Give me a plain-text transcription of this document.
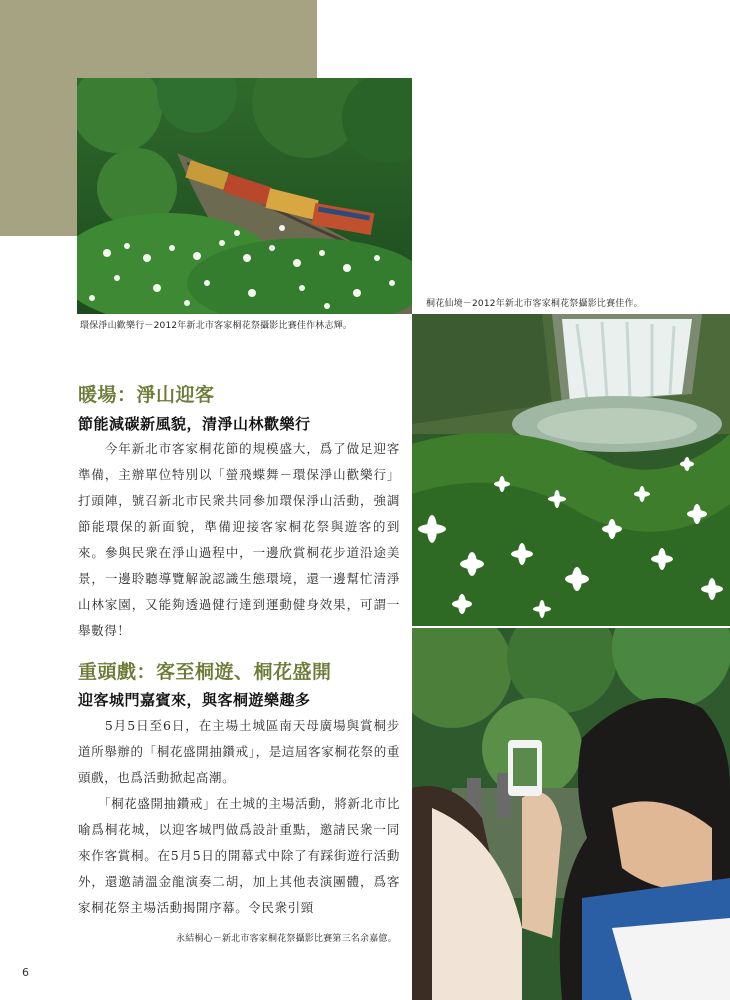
桐花仙境－2012年新北市客家桐花祭攝影比賽佳作。
環保淨山歡樂行－2012年新北市客家桐花祭攝影比賽佳作林志輝。
永結桐心－新北市客家桐花祭攝影比賽第三名余嘉億。
暖場：淨山迎客
節能減碳新風貌，清淨山林歡樂行
　　今年新北市客家桐花節的規模盛大，爲了做足迎客準備，主辦單位特別以「螢飛蝶舞－環保淨山歡樂行」打頭陣，號召新北市民衆共同參加環保淨山活動，強調節能環保的新面貌，準備迎接客家桐花祭與遊客的到來。參與民衆在淨山過程中，一邊欣賞桐花步道沿途美景，一邊聆聽導覽解說認識生態環境，還一邊幫忙清淨山林家園，又能夠透過健行達到運動健身效果，可謂一舉數得！
重頭戲：客至桐遊、桐花盛開
迎客城門嘉賓來，與客桐遊樂趣多
　　5月5日至6日，在主場土城區南天母廣場與賞桐步道所舉辦的「桐花盛開抽鑽戒」，是這屆客家桐花祭的重頭戲，也爲活動掀起高潮。
　　「桐花盛開抽鑽戒」在土城的主場活動，將新北市比喻爲桐花城，以迎客城門做爲設計重點，邀請民衆一同來作客賞桐。在5月5日的開幕式中除了有踩街遊行活動外，還邀請溫金龍演奏二胡，加上其他表演團體，爲客家桐花祭主場活動揭開序幕。令民衆引頸
6
